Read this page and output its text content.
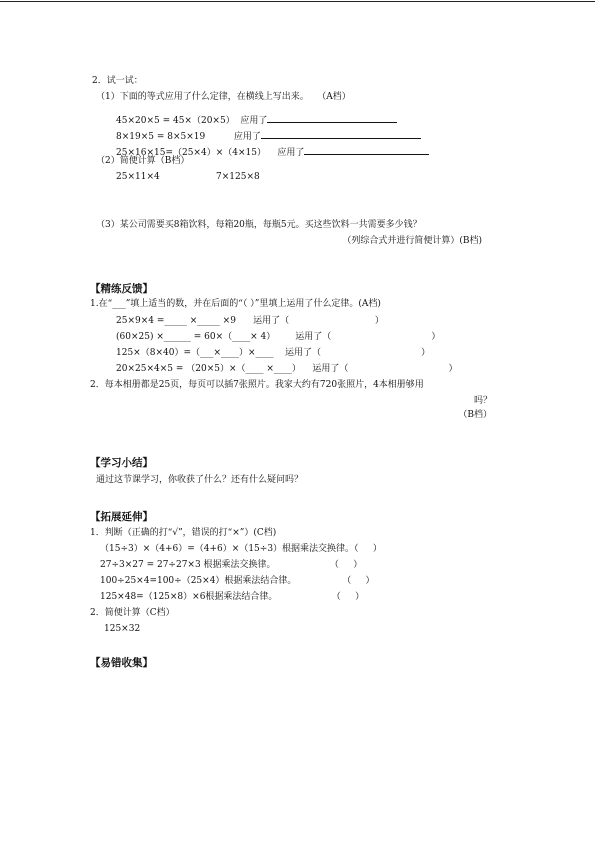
2．试一试：
（1）下面的等式应用了什么定律，在横线上写出来。   （A档）
45×20×5 = 45×（20×5）  应用了
8×19×5 = 8×5×19          应用了
25×16×15=（25×4）×（4×15）    应用了
（2）简便计算（B档）
25×11×4	7×125×8
（3）某公司需要买8箱饮料，每箱20瓶，每瓶5元。买这些饮料一共需要多少钱？
（列综合式并进行简便计算）(B档)
【精练反馈】
1.在“___”填上适当的数，并在后面的“（ ）”里填上运用了什么定律。(A档)
25×9×4 =_____ ×_____ ×9      运用了（                              ）
(60×25) ×______ = 60×（____× 4）       运用了（                                   ）
125×（8×40）=（___×____）×____    运用了（                                   ）
20×25×4×5 = （20×5）×（____ ×____）    运用了（                                   ）
2．每本相册都是25页，每页可以插7张照片。我家大约有720张照片，4本相册够用
吗？
（B档）
【学习小结】
通过这节课学习，你收获了什么？还有什么疑问吗？
【拓展延伸】
1．判断（正确的打“√”，错误的打“×”）(C档)
（15÷3）×（4+6）=（4+6）×（15÷3）根据乘法交换律。（     ）
27÷3×27 = 27÷27×3 根据乘法交换律。                   （     ）
100÷25×4=100÷（25×4）根据乘法结合律。                （     ）
125×48=（125×8）×6根据乘法结合律。                   （     ）
2．简便计算（C档）
125×32
【易错收集】
